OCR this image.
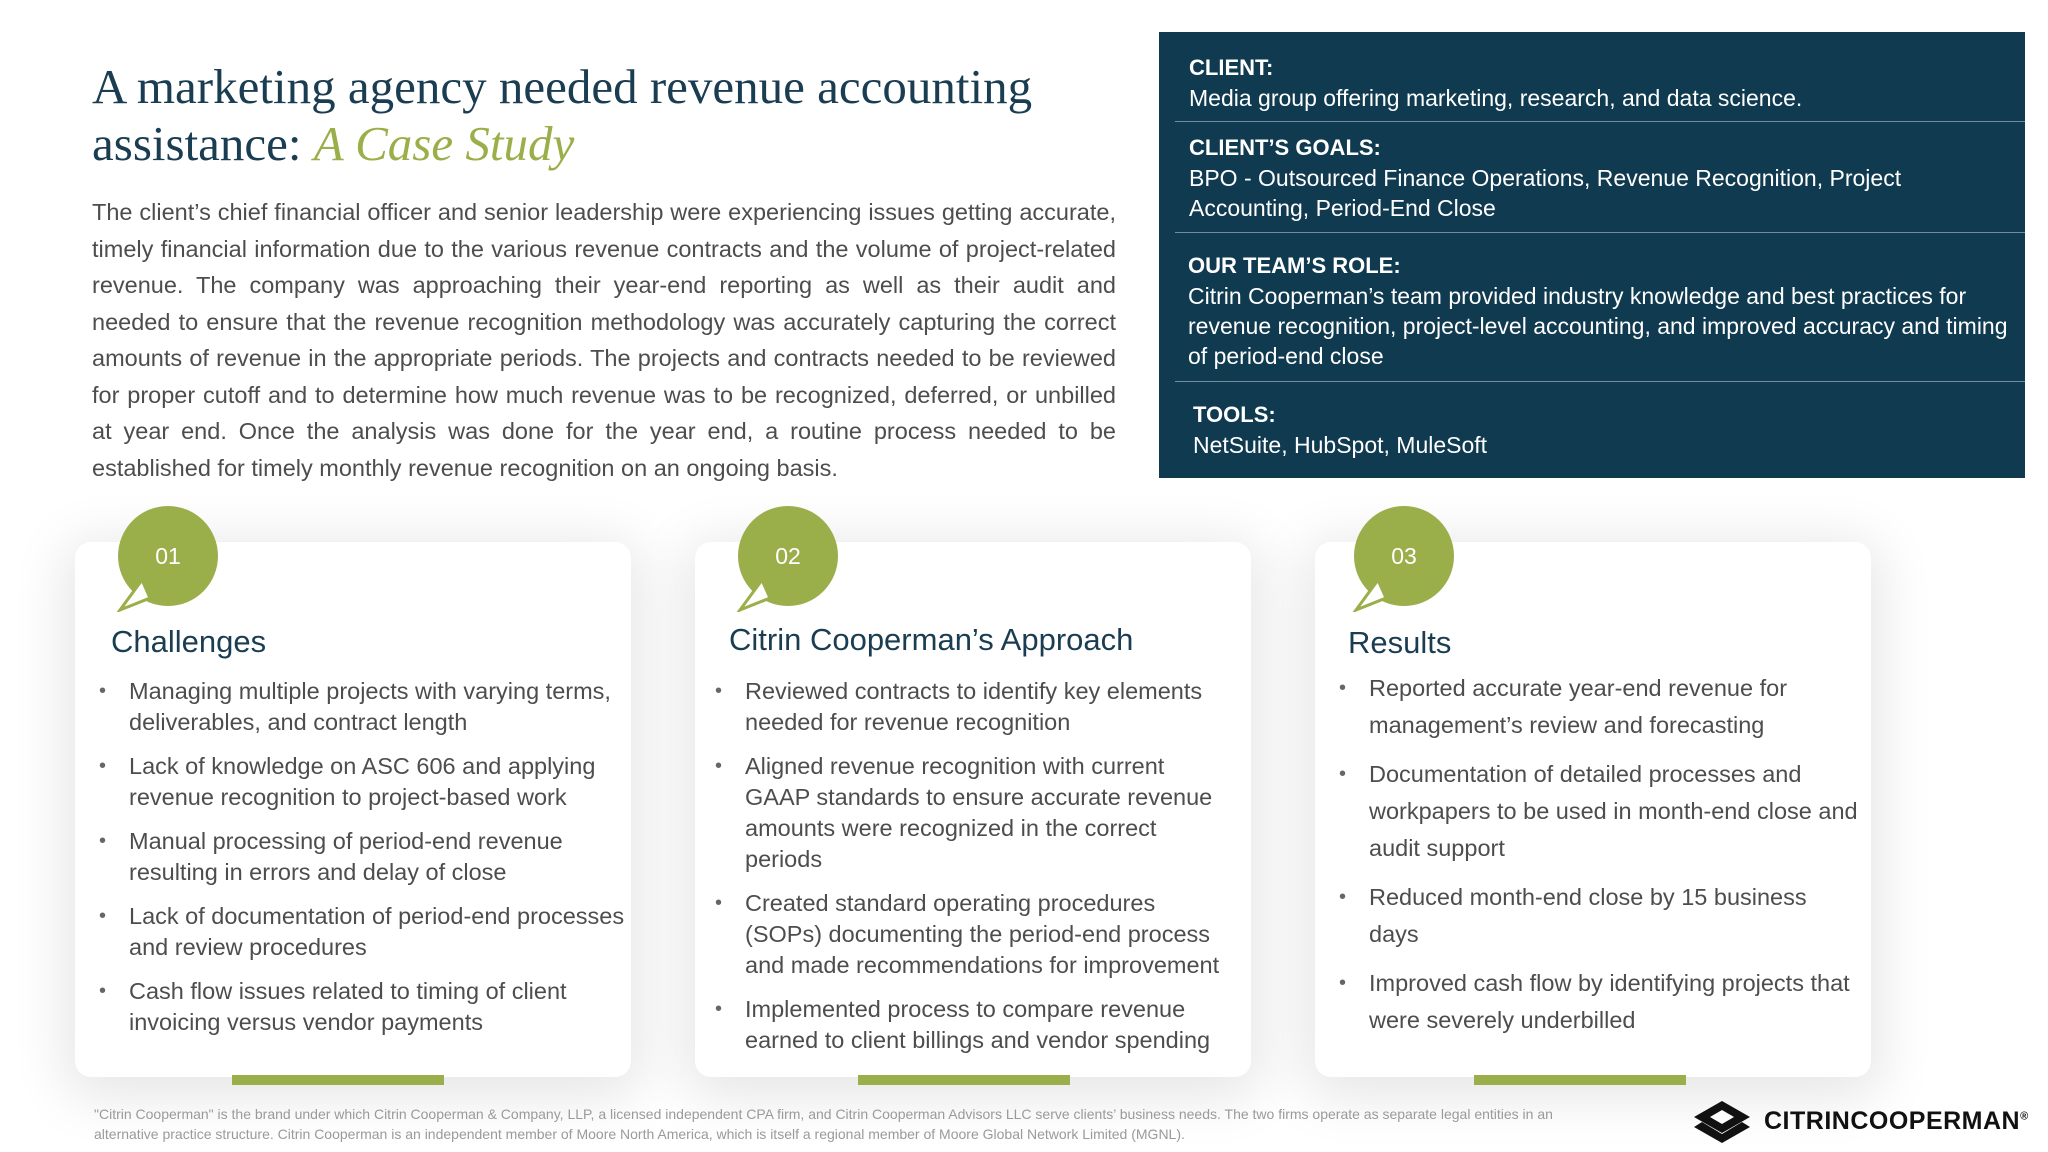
A marketing agency needed revenue accounting
assistance: A Case Study

The client’s chief financial officer and senior leadership were experiencing issues getting accurate, timely financial information due to the various revenue contracts and the volume of project-related revenue. The company was approaching their year-end reporting as well as their audit and needed to ensure that the revenue recognition methodology was accurately capturing the correct amounts of revenue in the appropriate periods. The projects and contracts needed to be reviewed for proper cutoff and to determine how much revenue was to be recognized, deferred, or unbilled at year end. Once the analysis was done for the year end, a routine process needed to be established for timely monthly revenue recognition on an ongoing basis.

CLIENT:
Media group offering marketing, research, and data science.
CLIENT’S GOALS:
BPO - Outsourced Finance Operations, Revenue Recognition, Project Accounting, Period-End Close
OUR TEAM’S ROLE:
Citrin Cooperman’s team provided industry knowledge and best practices for revenue recognition, project-level accounting, and improved accuracy and timing of period-end close
TOOLS:
NetSuite, HubSpot, MuleSoft
01
Challenges
• Managing multiple projects with varying terms, deliverables, and contract length
• Lack of knowledge on ASC 606 and applying revenue recognition to project-based work
• Manual processing of period-end revenue resulting in errors and delay of close
• Lack of documentation of period-end processes and review procedures
• Cash flow issues related to timing of client invoicing versus vendor payments
02
Citrin Cooperman’s Approach
• Reviewed contracts to identify key elements needed for revenue recognition
• Aligned revenue recognition with current GAAP standards to ensure accurate revenue amounts were recognized in the correct periods
• Created standard operating procedures (SOPs) documenting the period-end process and made recommendations for improvement
• Implemented process to compare revenue earned to client billings and vendor spending
03
Results
• Reported accurate year-end revenue for management’s review and forecasting
• Documentation of detailed processes and workpapers to be used in month-end close and audit support
• Reduced month-end close by 15 business days
• Improved cash flow by identifying projects that were severely underbilled
"Citrin Cooperman" is the brand under which Citrin Cooperman & Company, LLP, a licensed independent CPA firm, and Citrin Cooperman Advisors LLC serve clients’ business needs. The two firms operate as separate legal entities in an alternative practice structure. Citrin Cooperman is an independent member of Moore North America, which is itself a regional member of Moore Global Network Limited (MGNL).	CITRINCOOPERMAN®
